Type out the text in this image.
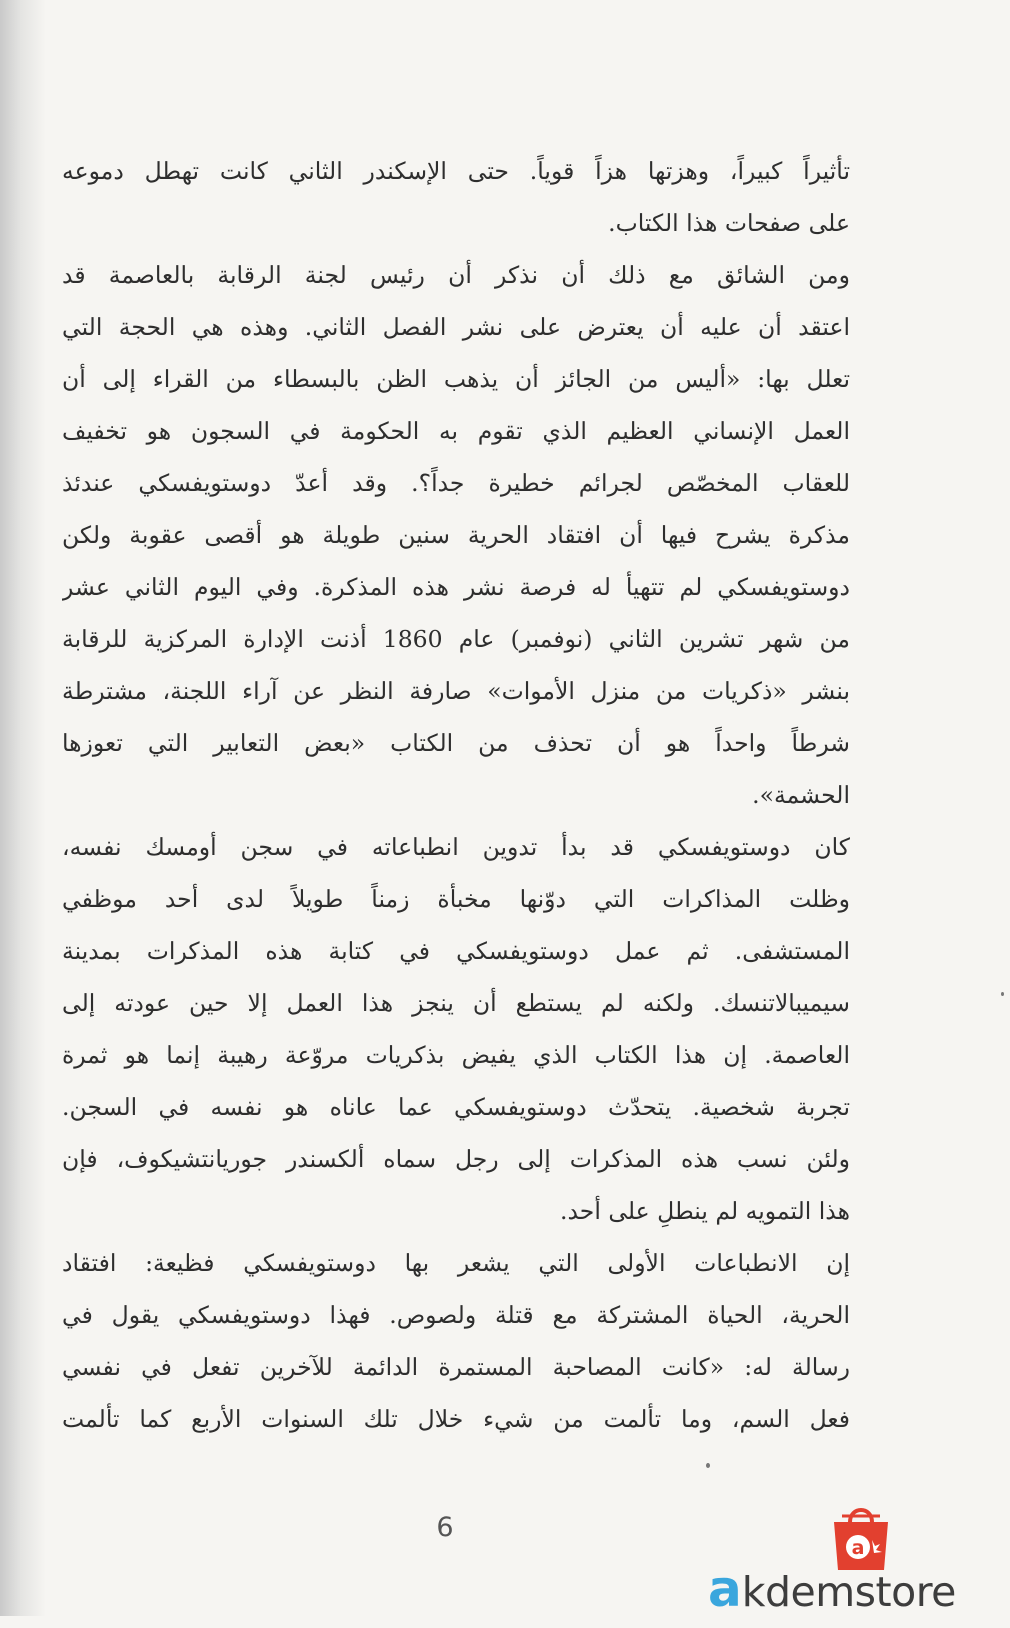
تأثيراً كبيراً، وهزتها هزاً قوياً. حتى الإسكندر الثاني كانت تهطل دموعه
على صفحات هذا الكتاب.
ومن الشائق مع ذلك أن نذكر أن رئيس لجنة الرقابة بالعاصمة قد
اعتقد أن عليه أن يعترض على نشر الفصل الثاني. وهذه هي الحجة التي
تعلل بها: «أليس من الجائز أن يذهب الظن بالبسطاء من القراء إلى أن
العمل الإنساني العظيم الذي تقوم به الحكومة في السجون هو تخفيف
للعقاب المخصّص لجرائم خطيرة جداً؟. وقد أعدّ دوستويفسكي عندئذ
مذكرة يشرح فيها أن افتقاد الحرية سنين طويلة هو أقصى عقوبة ولكن
دوستويفسكي لم تتهيأ له فرصة نشر هذه المذكرة. وفي اليوم الثاني عشر
من شهر تشرين الثاني (نوفمبر) عام 1860 أذنت الإدارة المركزية للرقابة
بنشر «ذكريات من منزل الأموات» صارفة النظر عن آراء اللجنة، مشترطة
شرطاً واحداً هو أن تحذف من الكتاب «بعض التعابير التي تعوزها
الحشمة».
كان دوستويفسكي قد بدأ تدوين انطباعاته في سجن أومسك نفسه،
وظلت المذاكرات التي دوّنها مخبأة زمناً طويلاً لدى أحد موظفي
المستشفى. ثم عمل دوستويفسكي في كتابة هذه المذكرات بمدينة
سيميبالاتنسك. ولكنه لم يستطع أن ينجز هذا العمل إلا حين عودته إلى
العاصمة. إن هذا الكتاب الذي يفيض بذكريات مروّعة رهيبة إنما هو ثمرة
تجربة شخصية. يتحدّث دوستويفسكي عما عاناه هو نفسه في السجن.
ولئن نسب هذه المذكرات إلى رجل سماه ألكسندر جوريانتشيكوف، فإن
هذا التمويه لم ينطلِ على أحد.
إن الانطباعات الأولى التي يشعر بها دوستويفسكي فظيعة: افتقاد
الحرية، الحياة المشتركة مع قتلة ولصوص. فهذا دوستويفسكي يقول في
رسالة له: «كانت المصاحبة المستمرة الدائمة للآخرين تفعل في نفسي
فعل السم، وما تألمت من شيء خلال تلك السنوات الأربع كما تألمت
6
a
akdemstore
